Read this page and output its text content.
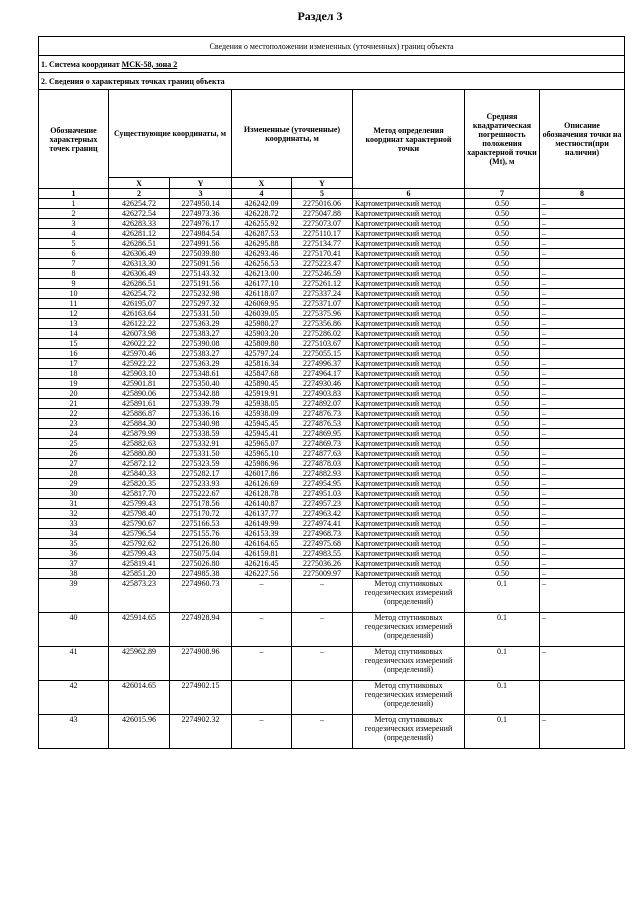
Раздел 3
Сведения о местоположении измененных (уточненных) границ объекта							
1. Система координат МСК-58, зона 2							
2. Сведения о характерных точках границ объекта							
Обозначение характерных точек границ	Существующие координаты, м		Измененные (уточненные) координаты, м		Метод определения координат характерной точки	Средняя квадратическая погрешность положения характерной точки (Mt), м	Описание обозначения точки на местности(при наличии)
	X	Y	X	Y			
1	2	3	4	5	6	7	8
1	426254.72	2274950.14	426242.09	2275016.06	Картометрический метод	0.50	–
2	426272.54	2274973.36	426228.72	2275047.88	Картометрический метод	0.50	–
3	426283.33	2274976.17	426255.92	2275073.07	Картометрический метод	0.50	–
4	426281.12	2274984.54	426287.53	2275110.17	Картометрический метод	0.50	–
5	426286.51	2274991.56	426295.88	2275134.77	Картометрический метод	0.50	–
6	426306.49	2275039.80	426293.46	2275170.41	Картометрический метод	0.50	–
7	426313.30	2275091.56	426256.53	2275223.47	Картометрический метод	0.50	
8	426306.49	2275143.32	426213.00	2275246.59	Картометрический метод	0.50	–
9	426286.51	2275191.56	426177.10	2275261.12	Картометрический метод	0.50	–
10	426254.72	2275232.98	426118.07	2275337.24	Картометрический метод	0.50	–
11	426195.07	2275297.32	426069.95	2275371.07	Картометрический метод	0.50	–
12	426163.64	2275331.50	426039.05	2275375.96	Картометрический метод	0.50	–
13	426122.22	2275363.29	425980.27	2275356.86	Картометрический метод	0.50	–
14	426073.98	2275383.27	425903.20	2275286.02	Картометрический метод	0.50	–
15	426022.22	2275390.08	425809.80	2275103.67	Картометрический метод	0.50	–
16	425970.46	2275383.27	425797.24	2275055.15	Картометрический метод	0.50	
17	425922.22	2275363.29	425816.34	2274996.37	Картометрический метод	0.50	–
18	425903.10	2275348.61	425847.68	2274964.17	Картометрический метод	0.50	–
19	425901.81	2275350.40	425890.45	2274930.46	Картометрический метод	0.50	–
20	425890.06	2275342.88	425919.91	2274903.83	Картометрический метод	0.50	–
21	425891.61	2275339.79	425938.05	2274892.07	Картометрический метод	0.50	–
22	425886.87	2275336.16	425938.09	2274876.73	Картометрический метод	0.50	–
23	425884.30	2275340.98	425945.45	2274876.53	Картометрический метод	0.50	–
24	425879.99	2275338.59	425945.41	2274869.95	Картометрический метод	0.50	–
25	425882.63	2275332.91	425965.07	2274869.73	Картометрический метод	0.50	
26	425880.80	2275331.50	425965.10	2274877.63	Картометрический метод	0.50	–
27	425872.12	2275323.59	425986.96	2274878.03	Картометрический метод	0.50	–
28	425840.33	2275282.17	426017.86	2274882.93	Картометрический метод	0.50	–
29	425820.35	2275233.93	426126.69	2274954.95	Картометрический метод	0.50	–
30	425817.70	2275222.67	426128.78	2274951.03	Картометрический метод	0.50	–
31	425799.43	2275178.56	426140.87	2274957.23	Картометрический метод	0.50	–
32	425798.40	2275170.72	426137.77	2274963.42	Картометрический метод	0.50	–
33	425790.67	2275166.53	426149.99	2274974.41	Картометрический метод	0.50	–
34	425796.54	2275155.76	426153.39	2274968.73	Картометрический метод	0.50	
35	425792.62	2275126.80	426164.65	2274975.68	Картометрический метод	0.50	–
36	425799.43	2275075.04	426159.81	2274983.55	Картометрический метод	0.50	–
37	425819.41	2275026.80	426216.45	2275036.26	Картометрический метод	0.50	–
38	425851.20	2274985.38	426227.56	2275009.97	Картометрический метод	0.50	–
39	425873.23	2274960.73	–	–	Метод спутниковых геодезических измерений (определений)	0.1	–
40	425914.65	2274928.94	–	–	Метод спутниковых геодезических измерений (определений)	0.1	–
41	425962.89	2274908.96	–	–	Метод спутниковых геодезических измерений (определений)	0.1	–
42	426014.65	2274902.15			Метод спутниковых геодезических измерений (определений)	0.1	
43	426015.96	2274902.32	–	–	Метод спутниковых геодезических измерений (определений)	0.1	–
